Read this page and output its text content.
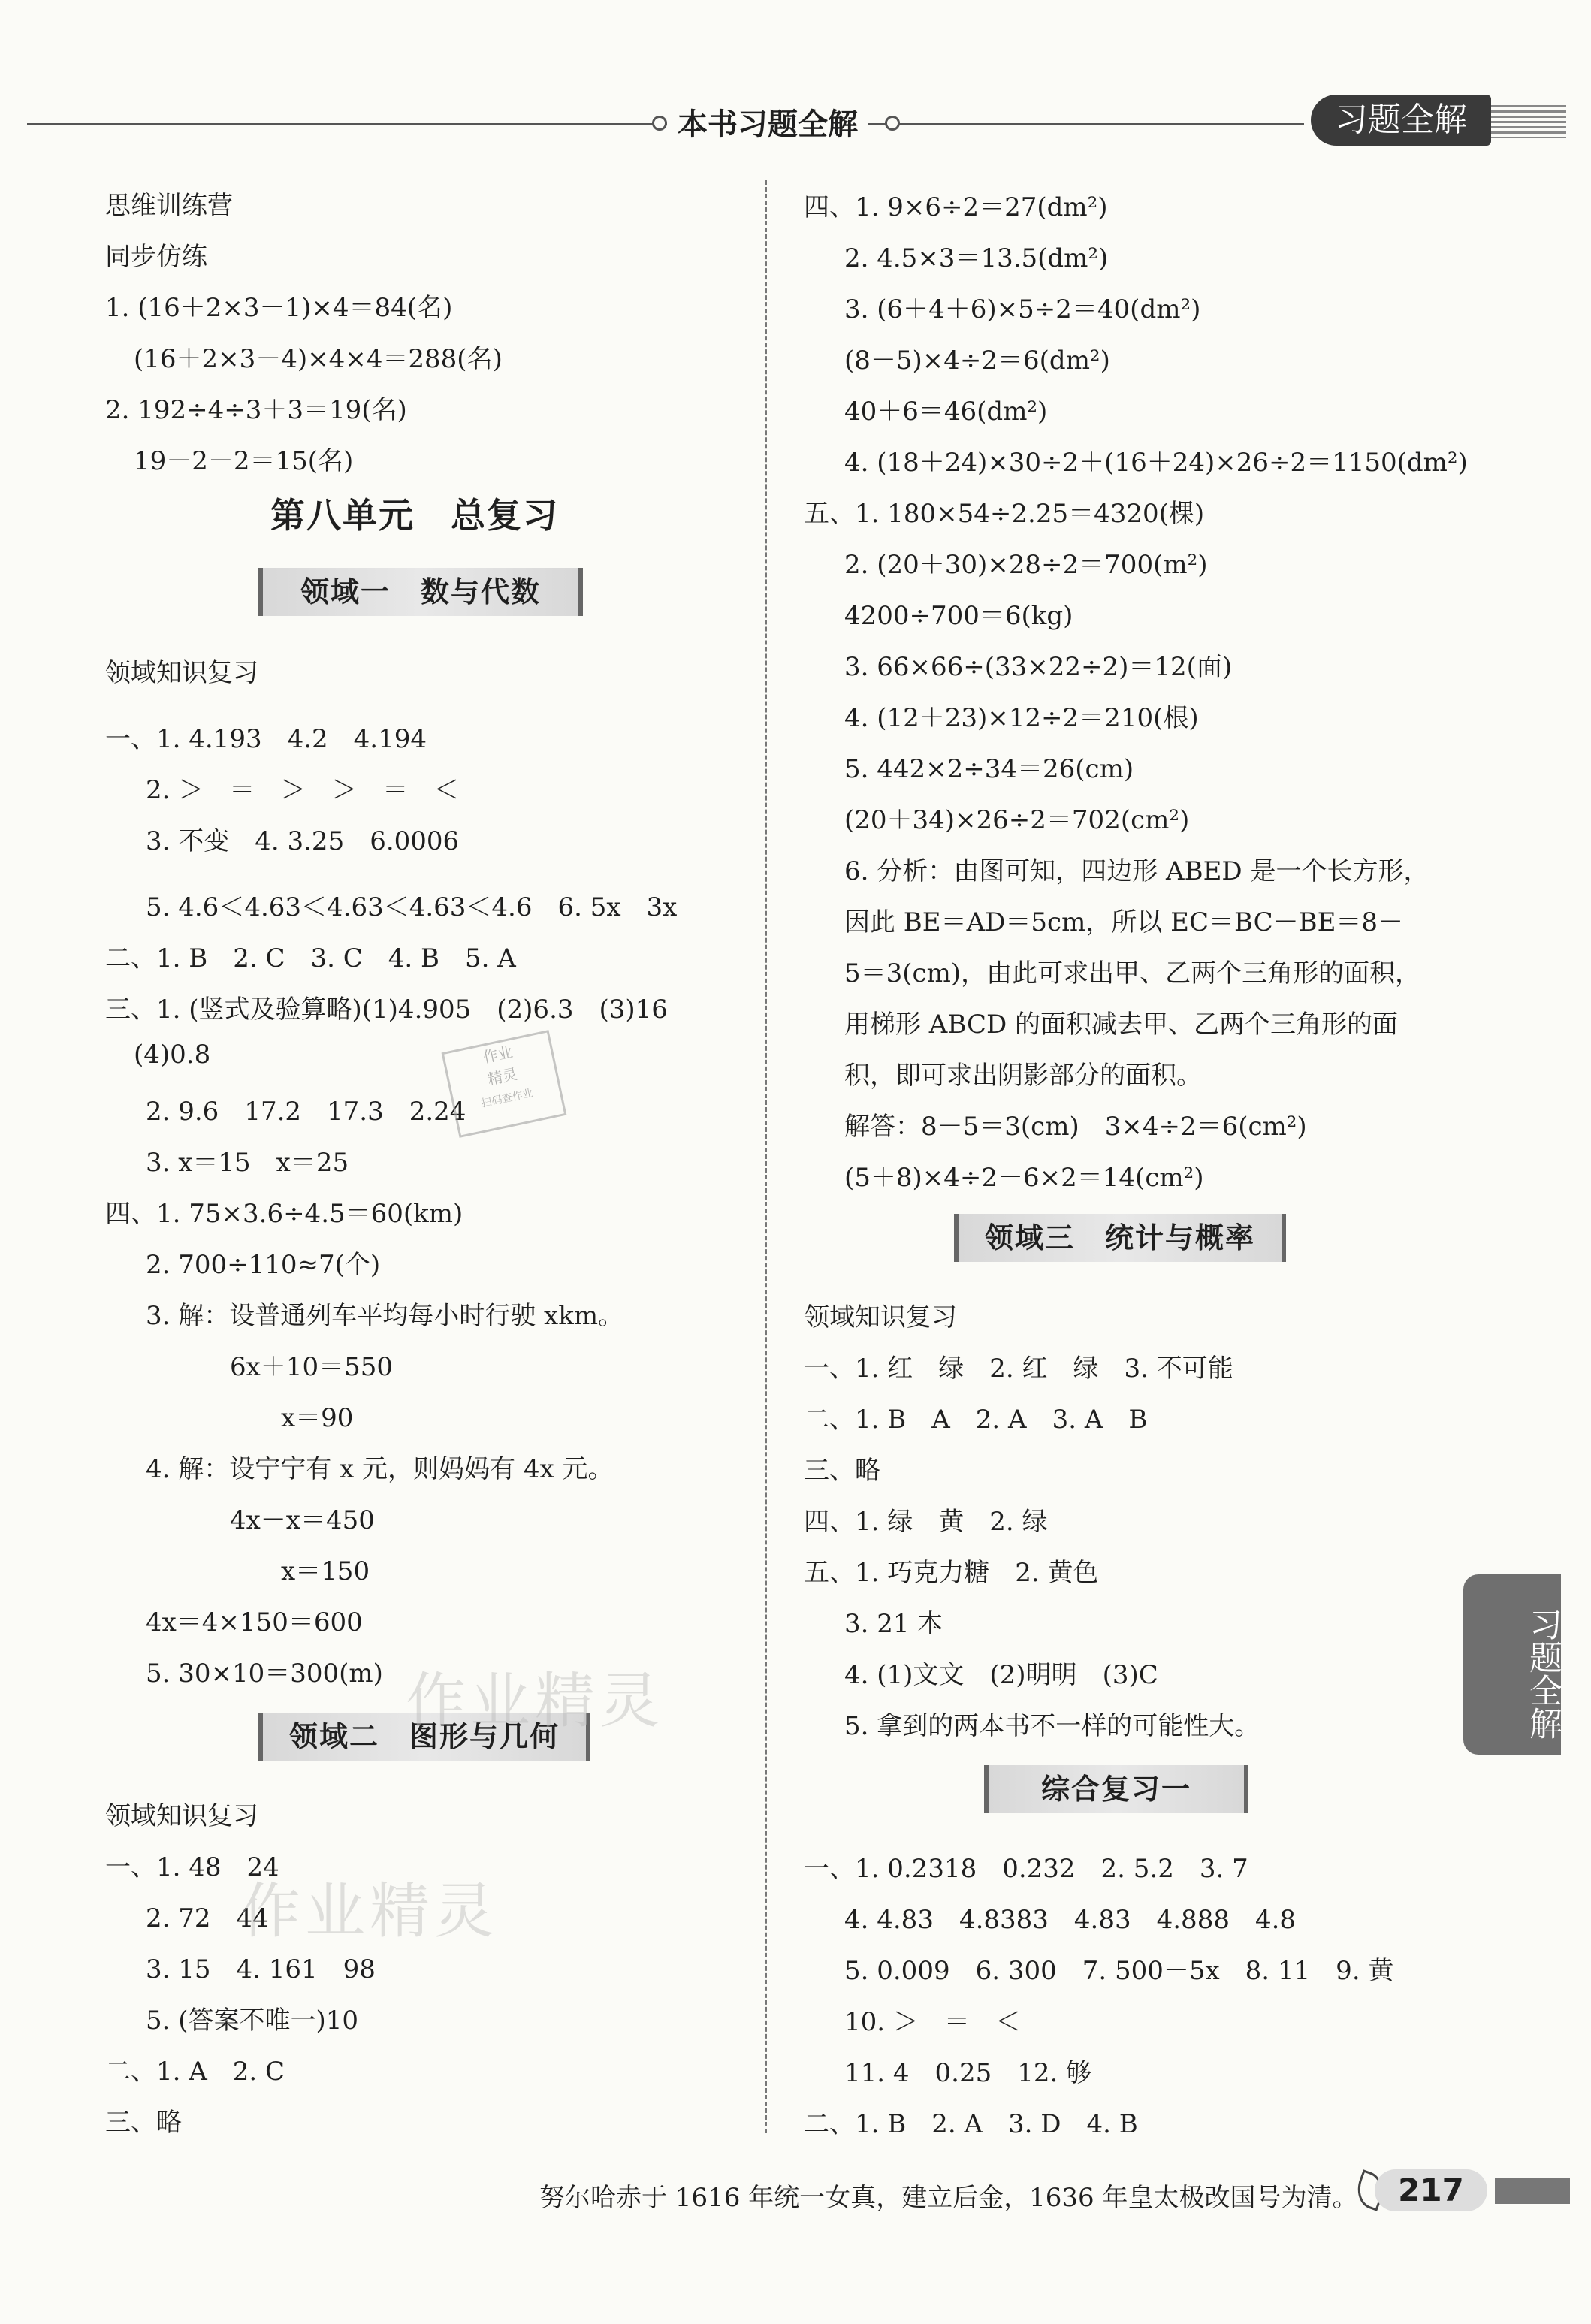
本书习题全解	习题全解
思维训练营
同步仿练
1. (16＋2×3－1)×4＝84(名)
(16＋2×3－4)×4×4＝288(名)
2. 192÷4÷3＋3＝19(名)
19－2－2＝15(名)
第八单元　总复习
领域一　数与代数
领域知识复习
一、1. 4.193　4.2　4.194
2. ＞　＝　＞　＞　＝　＜
3. 不变　4. 3.25　6.0006
5. 4.6＜4.63＜4.63＜4.63＜4.6　6. 5x　3x
二、1. B　2. C　3. C　4. B　5. A
三、1. (竖式及验算略)(1)4.905　(2)6.3　(3)16
(4)0.8
2. 9.6　17.2　17.3　2.24
3. x＝15　x＝25
四、1. 75×3.6÷4.5＝60(km)
2. 700÷110≈7(个)
3. 解：设普通列车平均每小时行驶 xkm。
6x＋10＝550
x＝90
4. 解：设宁宁有 x 元，则妈妈有 4x 元。
4x－x＝450
x＝150
4x＝4×150＝600
5. 30×10＝300(m)
领域二　图形与几何
领域知识复习
一、1. 48　24
2. 72　44
3. 15　4. 161　98
5. (答案不唯一)10
二、1. A　2. C
三、略
四、1. 9×6÷2＝27(dm²)
2. 4.5×3＝13.5(dm²)
3. (6＋4＋6)×5÷2＝40(dm²)
(8－5)×4÷2＝6(dm²)
40＋6＝46(dm²)
4. (18＋24)×30÷2＋(16＋24)×26÷2＝1150(dm²)
五、1. 180×54÷2.25＝4320(棵)
2. (20＋30)×28÷2＝700(m²)
4200÷700＝6(kg)
3. 66×66÷(33×22÷2)＝12(面)
4. (12＋23)×12÷2＝210(根)
5. 442×2÷34＝26(cm)
(20＋34)×26÷2＝702(cm²)
6. 分析：由图可知，四边形 ABED 是一个长方形，
因此 BE＝AD＝5cm，所以 EC＝BC－BE＝8－
5＝3(cm)，由此可求出甲、乙两个三角形的面积，
用梯形 ABCD 的面积减去甲、乙两个三角形的面
积，即可求出阴影部分的面积。
解答：8－5＝3(cm)　3×4÷2＝6(cm²)
(5＋8)×4÷2－6×2＝14(cm²)
领域三　统计与概率
领域知识复习
一、1. 红　绿　2. 红　绿　3. 不可能
二、1. B　A　2. A　3. A　B
三、略
四、1. 绿　黄　2. 绿
五、1. 巧克力糖　2. 黄色
3. 21 本
4. (1)文文　(2)明明　(3)C
5. 拿到的两本书不一样的可能性大。
综合复习一
一、1. 0.2318　0.232　2. 5.2　3. 7
4. 4.83　4.8383　4.83　4.888　4.8
5. 0.009　6. 300　7. 500－5x　8. 11　9. 黄
10. ＞　＝　＜
11. 4　0.25　12. 够
二、1. B　2. A　3. D　4. B
作业
精灵
扫码查作业
作业精灵
作业精灵
习题全解
努尔哈赤于 1616 年统一女真，建立后金，1636 年皇太极改国号为清。	217
